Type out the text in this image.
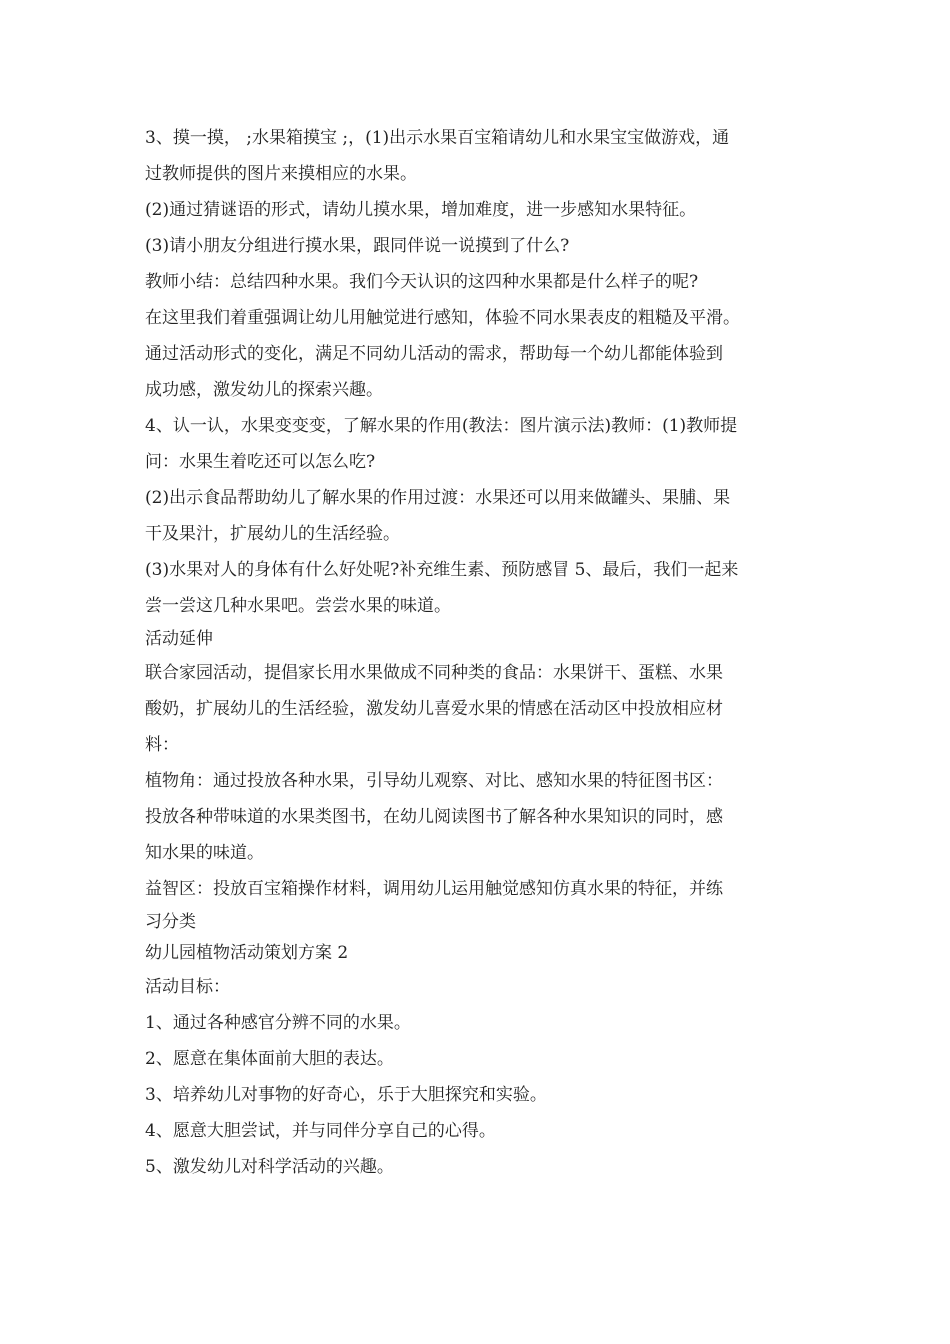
3、摸一摸， ;水果箱摸宝 ;，(1)出示水果百宝箱请幼儿和水果宝宝做游戏，通

过教师提供的图片来摸相应的水果。

(2)通过猜谜语的形式，请幼儿摸水果，增加难度，进一步感知水果特征。

(3)请小朋友分组进行摸水果，跟同伴说一说摸到了什么?

教师小结：总结四种水果。我们今天认识的这四种水果都是什么样子的呢?

在这里我们着重强调让幼儿用触觉进行感知，体验不同水果表皮的粗糙及平滑。

通过活动形式的变化，满足不同幼儿活动的需求，帮助每一个幼儿都能体验到

成功感，激发幼儿的探索兴趣。

4、认一认，水果变变变，了解水果的作用(教法：图片演示法)教师：(1)教师提

问：水果生着吃还可以怎么吃?

(2)出示食品帮助幼儿了解水果的作用过渡：水果还可以用来做罐头、果脯、果

干及果汁，扩展幼儿的生活经验。

(3)水果对人的身体有什么好处呢?补充维生素、预防感冒 5、最后，我们一起来

尝一尝这几种水果吧。尝尝水果的味道。

活动延伸

联合家园活动，提倡家长用水果做成不同种类的食品：水果饼干、蛋糕、水果

酸奶，扩展幼儿的生活经验，激发幼儿喜爱水果的情感在活动区中投放相应材

料：

植物角：通过投放各种水果，引导幼儿观察、对比、感知水果的特征图书区：

投放各种带味道的水果类图书，在幼儿阅读图书了解各种水果知识的同时，感

知水果的味道。

益智区：投放百宝箱操作材料，调用幼儿运用触觉感知仿真水果的特征，并练

习分类

幼儿园植物活动策划方案 2

活动目标：

1、通过各种感官分辨不同的水果。

2、愿意在集体面前大胆的表达。

3、培养幼儿对事物的好奇心，乐于大胆探究和实验。

4、愿意大胆尝试，并与同伴分享自己的心得。

5、激发幼儿对科学活动的兴趣。
